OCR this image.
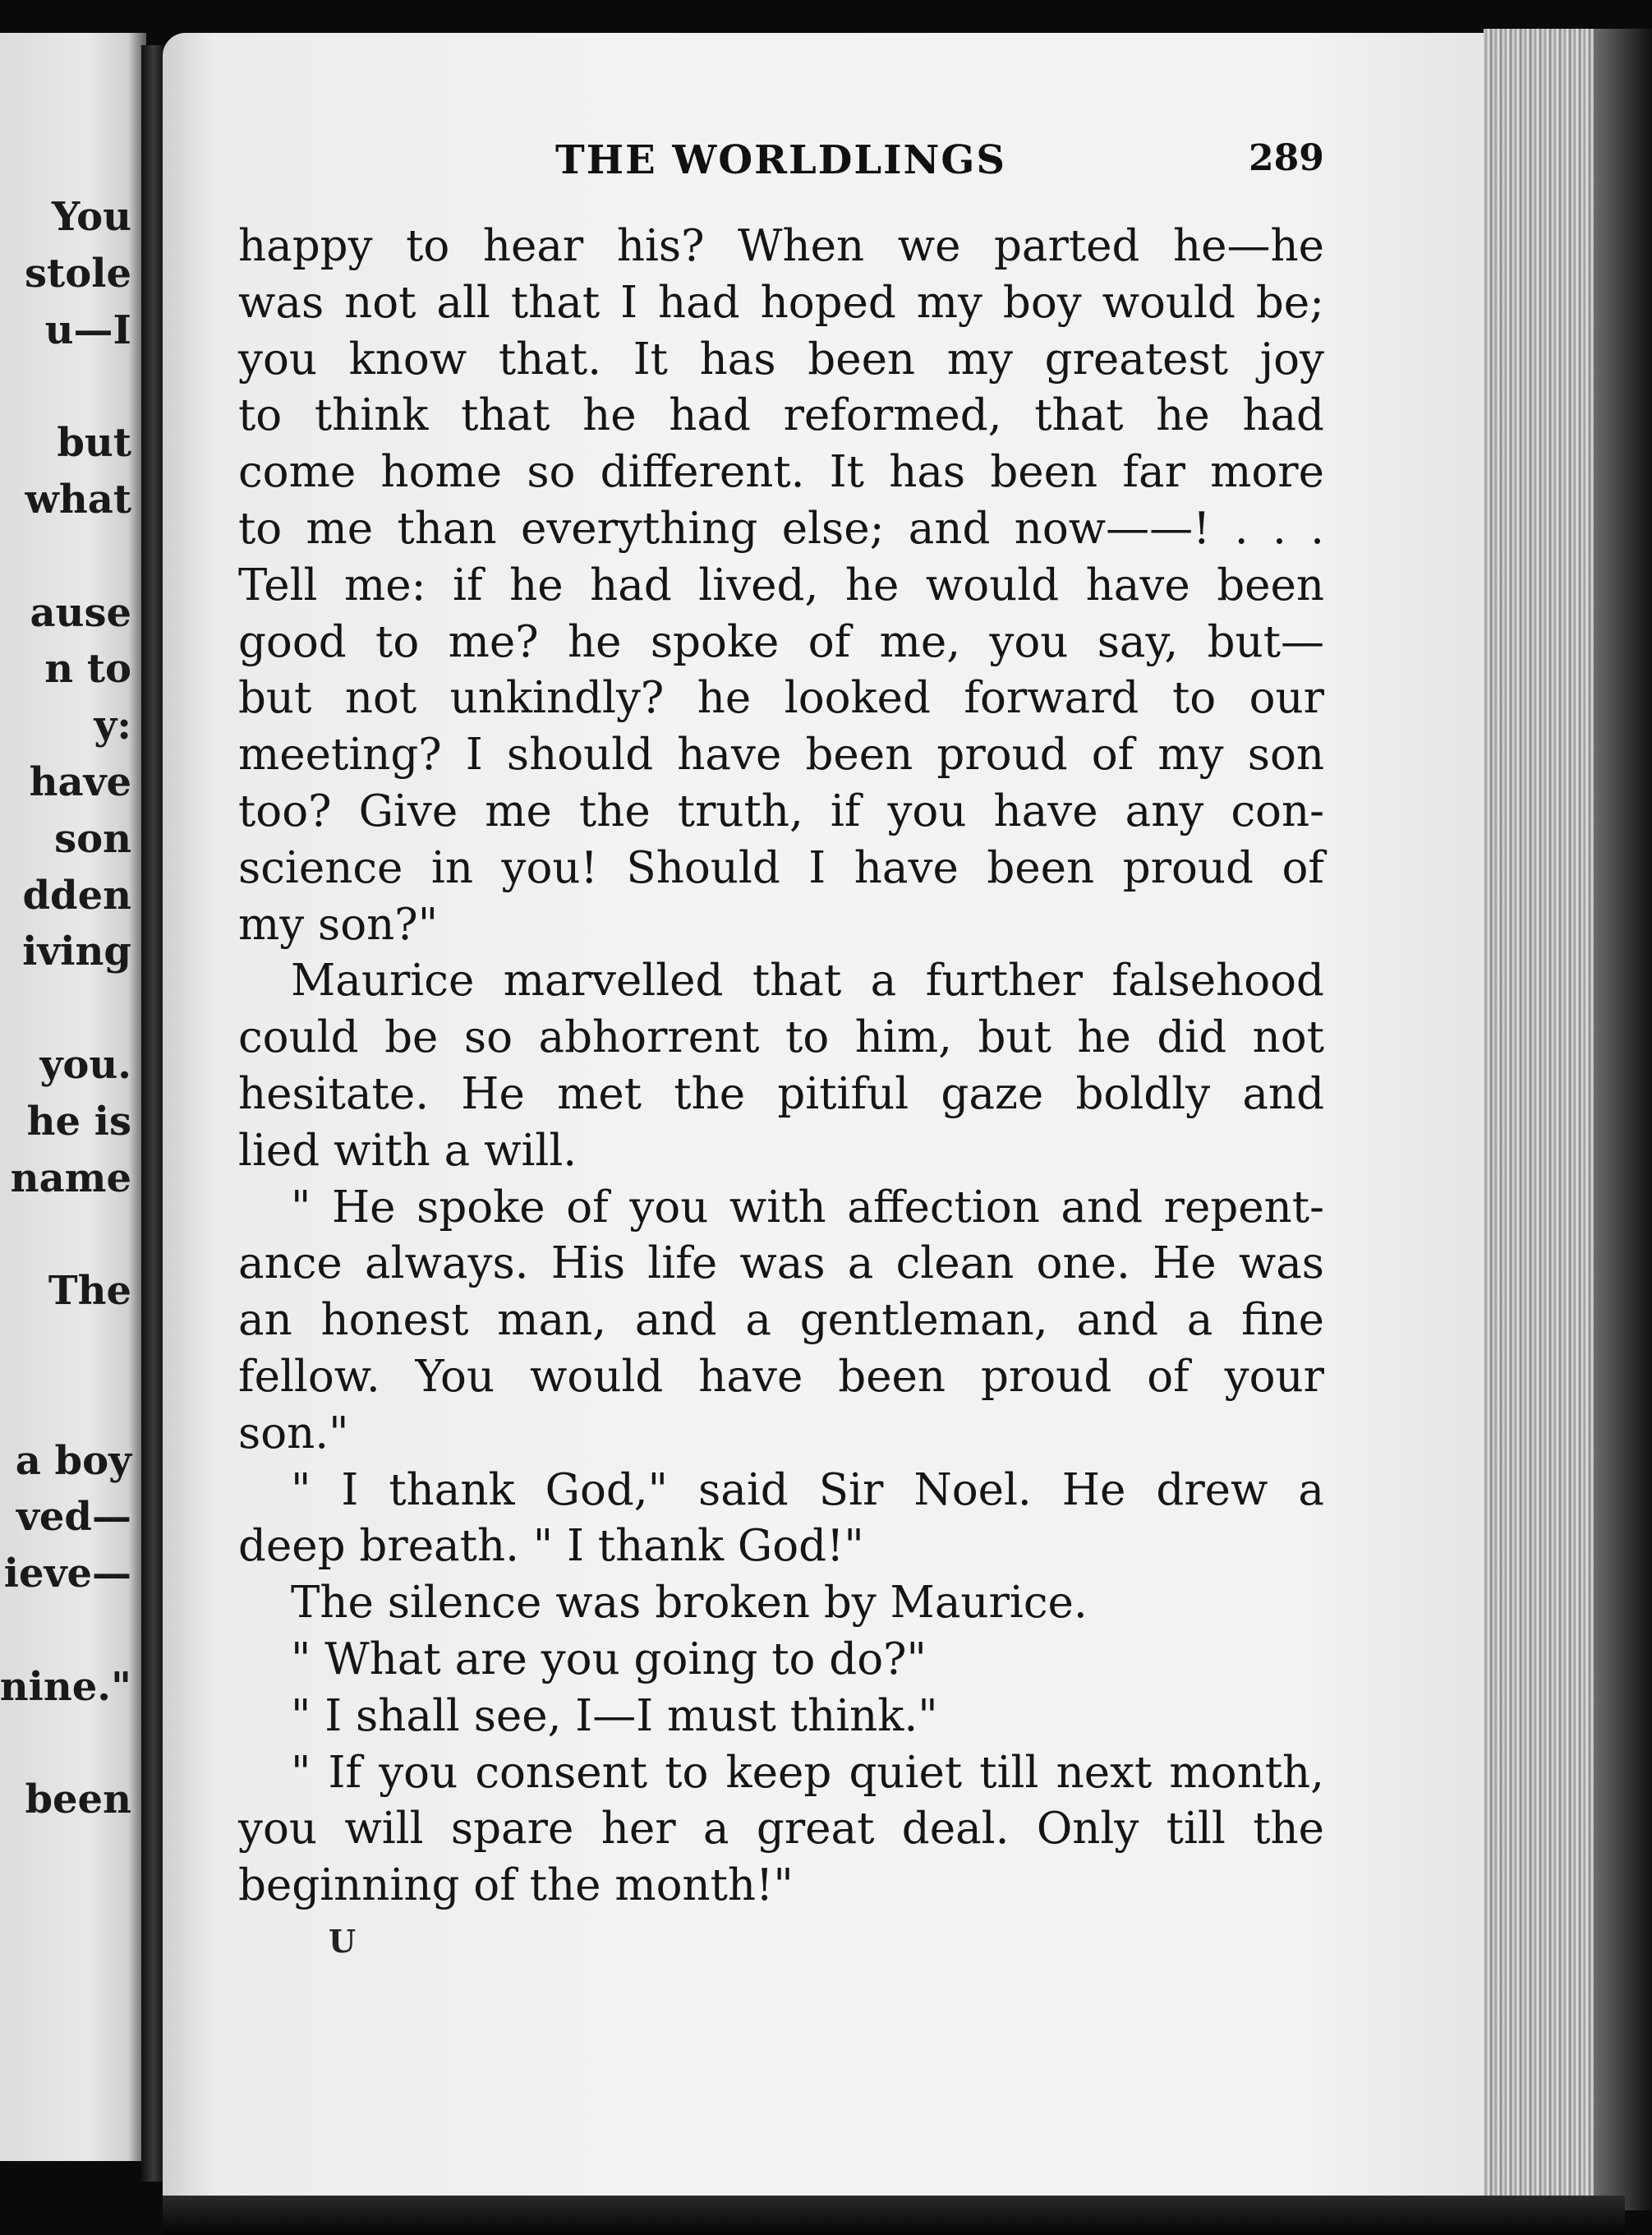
You
stole
u—I
but
what
ause
n to
y:
have
son
dden
iving
you.
he is
name
The
a boy
ved—
ieve—
nine."
been
THE WORLDLINGS	289
happy to hear his? When we parted he—he
was not all that I had hoped my boy would be;
you know that. It has been my greatest joy
to think that he had reformed, that he had
come home so different. It has been far more
to me than everything else; and now——! . . .
Tell me: if he had lived, he would have been
good to me? he spoke of me, you say, but—
but not unkindly? he looked forward to our
meeting? I should have been proud of my son
too? Give me the truth, if you have any con-
science in you! Should I have been proud of
my son?"
Maurice marvelled that a further falsehood
could be so abhorrent to him, but he did not
hesitate. He met the pitiful gaze boldly and
lied with a will.
" He spoke of you with affection and repent-
ance always. His life was a clean one. He was
an honest man, and a gentleman, and a fine
fellow. You would have been proud of your
son."
" I thank God," said Sir Noel. He drew a
deep breath. " I thank God!"
The silence was broken by Maurice.
" What are you going to do?"
" I shall see, I—I must think."
" If you consent to keep quiet till next month,
you will spare her a great deal. Only till the
beginning of the month!"
U
